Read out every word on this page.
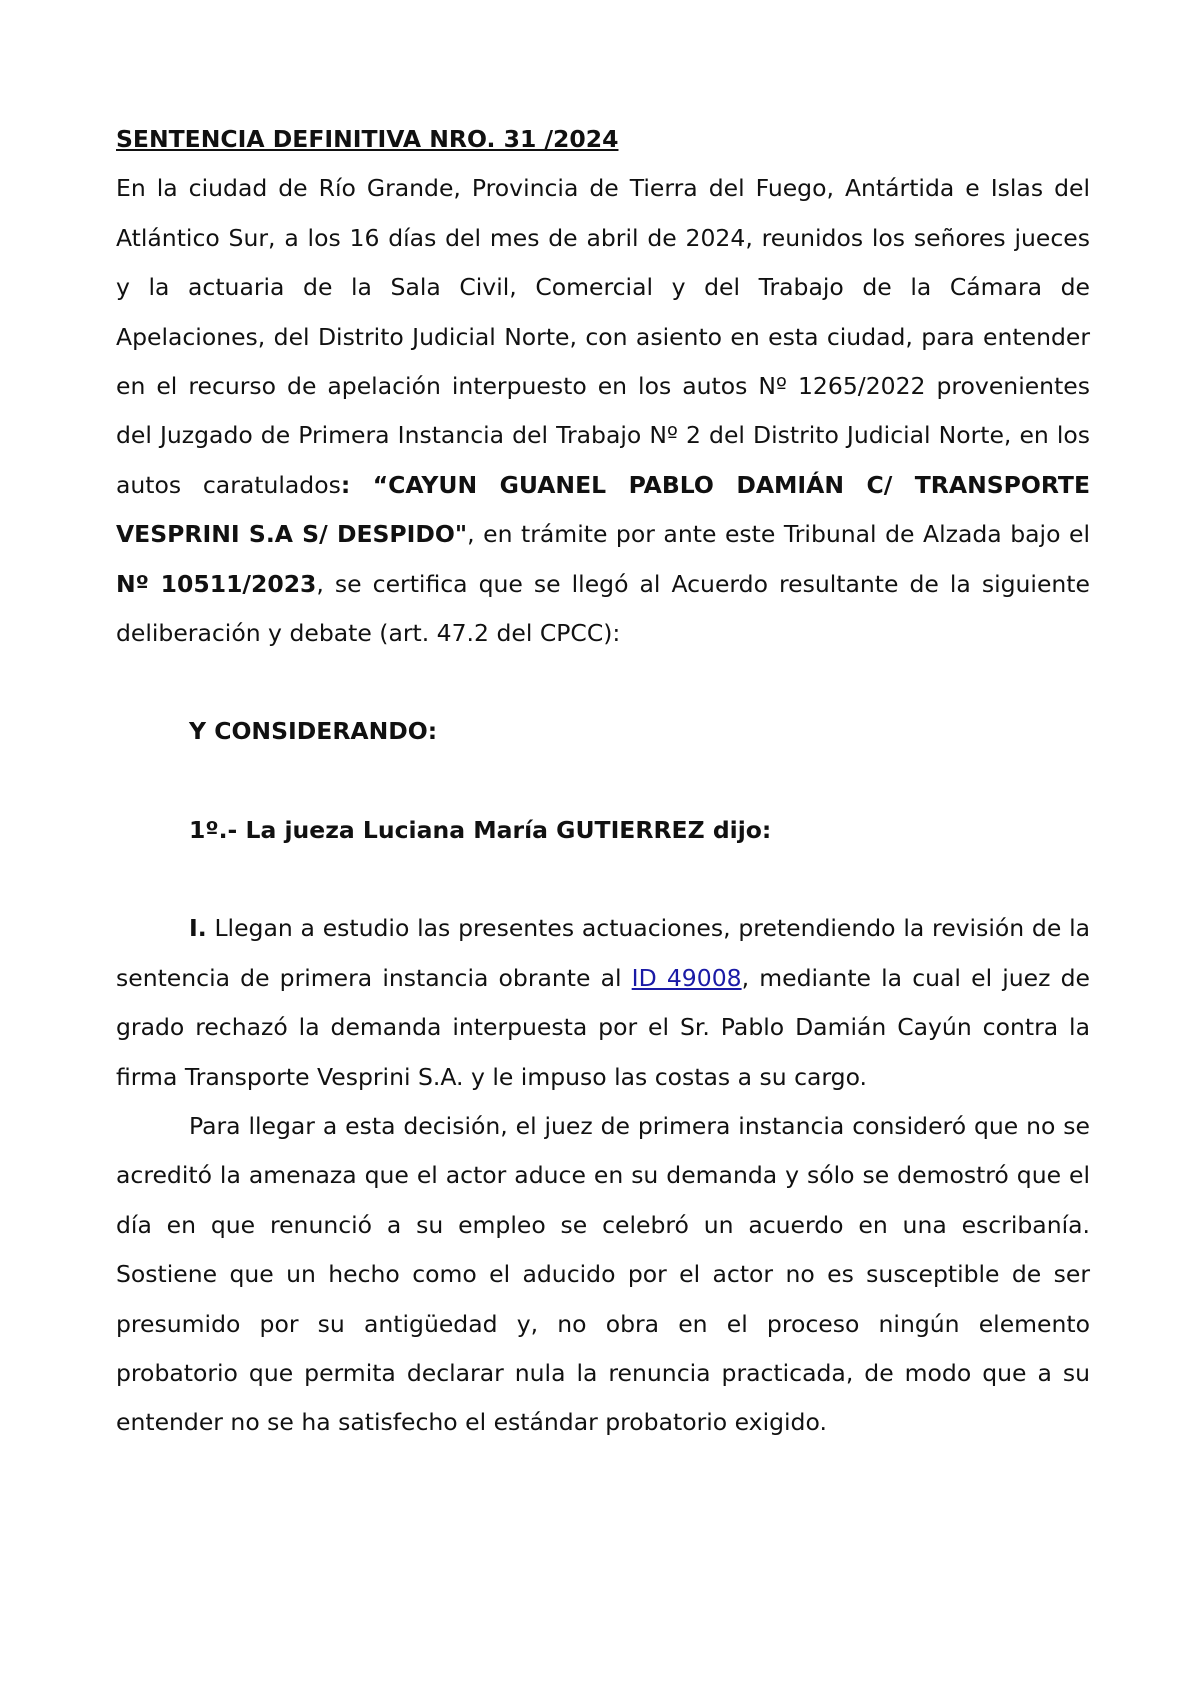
SENTENCIA DEFINITIVA NRO. 31 /2024

En la ciudad de Río Grande, Provincia de Tierra del Fuego, Antártida e Islas del Atlántico Sur, a los 16 días del mes de abril de 2024, reunidos los señores jueces y la actuaria de la Sala Civil, Comercial y del Trabajo de la Cámara de Apelaciones, del Distrito Judicial Norte, con asiento en esta ciudad, para entender en el recurso de apelación interpuesto en los autos Nº 1265/2022 provenientes del Juzgado de Primera Instancia del Trabajo Nº 2 del Distrito Judicial Norte, en los autos caratulados: “CAYUN GUANEL PABLO DAMIÁN C/ TRANSPORTE VESPRINI S.A S/ DESPIDO", en trámite por ante este Tribunal de Alzada bajo el Nº 10511/2023, se certifica que se llegó al Acuerdo resultante de la siguiente deliberación y debate (art. 47.2 del CPCC):

Y CONSIDERANDO:

1º.- La jueza Luciana María GUTIERREZ dijo:

I. Llegan a estudio las presentes actuaciones, pretendiendo la revisión de la sentencia de primera instancia obrante al ID 49008, mediante la cual el juez de grado rechazó la demanda interpuesta por el Sr. Pablo Damián Cayún contra la firma Transporte Vesprini S.A. y le impuso las costas a su cargo.

Para llegar a esta decisión, el juez de primera instancia consideró que no se acreditó la amenaza que el actor aduce en su demanda y sólo se demostró que el día en que renunció a su empleo se celebró un acuerdo en una escribanía. Sostiene que un hecho como el aducido por el actor no es susceptible de ser presumido por su antigüedad y, no obra en el proceso ningún elemento probatorio que permita declarar nula la renuncia practicada, de modo que a su entender no se ha satisfecho el estándar probatorio exigido.
